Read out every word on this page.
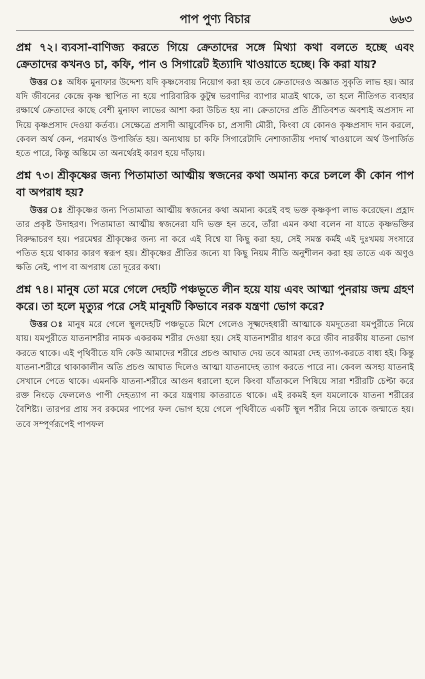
পাপ পুণ্য বিচার	৬৬৩

প্রশ্ন ৭২। ব্যবসা-বাণিজ্য করতে গিয়ে ক্রেতাদের সঙ্গে মিথ্যা কথা বলতে হচ্ছে এবং ক্রেতাদের কখনও চা, কফি, পান ও সিগারেট ইত্যাদি খাওয়াতে হচ্ছে। কি করা যায়?

উত্তর ঃ অধিক মুনাফার উদ্দেশ্য যদি কৃষ্ণসেবায় নিয়োগ করা হয় তবে ক্রেতাদেরও অজ্ঞাত সুকৃতি লাভ হয়। আর যদি জীবনের কেন্দ্রে কৃষ্ণ স্থাপিত না হয়ে পারিবারিক কুটুম্ব ভরণাদির ব্যাপার মাত্রই থাকে, তা হলে নীতিগত ব্যবহার রক্ষার্থে ক্রেতাদের কাছে বেশী মুনাফা লাভের আশা করা উচিত হয় না। ক্রেতাদের প্রতি প্রীতিবশত অবশ্যই অপ্রসাদ না দিয়ে কৃষ্ণপ্রসাদ দেওয়া কর্তব্য। সেক্ষেত্রে প্রসাদী আয়ুর্বেদিক চা, প্রসাদী মৌরী, কিংবা যে কোনও কৃষ্ণপ্রসাদ দান করলে, কেবল অর্থ কেন, পরমার্থও উপার্জিত হয়। অন্যথায় চা কফি সিগারেটাদি নেশাজাতীয় পদার্থ খাওয়ালে অর্থ উপার্জিত হতে পারে, কিন্তু অন্তিমে তা অনর্থেরই কারণ হয়ে দাঁড়ায়।

প্রশ্ন ৭৩। শ্রীকৃষ্ণের জন্য পিতামাতা আত্মীয় স্বজনের কথা অমান্য করে চললে কী কোন পাপ বা অপরাধ হয়?

উত্তর ঃ শ্রীকৃষ্ণের জন্য পিতামাতা আত্মীয় স্বজনের কথা অমান্য করেই বহু ভক্ত কৃষ্ণকৃপা লাভ করেছেন। প্রহ্লাদ তার প্রকৃষ্ট উদাহরণ। পিতামাতা আত্মীয় স্বজনেরা যদি ভক্ত হন তবে, তাঁরা এমন কথা বলেন না যাতে কৃষ্ণভক্তির বিরুদ্ধাচরণ হয়। পরমেশ্বর শ্রীকৃষ্ণের জন্য না করে এই বিশ্বে যা কিছু করা হয়, সেই সমস্ত কর্মই এই দুঃখময় সংসারে পতিত হয়ে থাকার কারণ স্বরূপ হয়। শ্রীকৃষ্ণের প্রীতির জন্যে যা কিছু নিয়ম নীতি অনুশীলন করা হয় তাতে এক অণুও ক্ষতি নেই, পাপ বা অপরাধ তো দূরের কথা।

প্রশ্ন ৭৪। মানুষ তো মরে গেলে দেহটি পঞ্চভূতে লীন হয়ে যায় এবং আত্মা পুনরায় জন্ম গ্রহণ করে। তা হলে মৃত্যুর পরে সেই মানুষটি কিভাবে নরক যন্ত্রণা ভোগ করে?

উত্তর ঃ মানুষ মরে গেলে স্থূলদেহটি পঞ্চভূতে মিশে গেলেও সূক্ষ্মদেহধারী আত্মাকে যমদূতেরা যমপুরীতে নিয়ে যায়। যমপুরীতে যাতনাশরীর নামক একরকম শরীর দেওয়া হয়। সেই যাতনাশরীর ধারণ করে জীব নারকীয় যাতনা ভোগ করতে থাকে। এই পৃথিবীতে যদি কেউ আমাদের শরীরে প্রচণ্ড আঘাত দেয় তবে আমরা দেহ ত্যাগ-করতে বাধ্য হই। কিন্তু যাতনা-শরীরে থাকাকালীন অতি প্রচণ্ড আঘাত দিলেও আত্মা যাতনাদেহ ত্যাগ করতে পারে না। কেবল অসহ্য যাতনাই সেখানে পেতে থাকে। এমনকি যাতনা-শরীরে আগুন ধরালো হলে কিংবা যাঁতাকলে পিষিয়ে সারা শরীরটি চেপ্টা করে রক্ত নিংড়ে ফেললেও পাপী দেহত্যাগ না করে যন্ত্রণায় কাতরাতে থাকে। এই রকমই হল যমলোকে যাতনা শরীরের বৈশিষ্ট্য। তারপর প্রায় সব রকমের পাপের ফল ভোগ হয়ে গেলে পৃথিবীতে একটি স্থূল শরীর নিয়ে তাকে জন্মাতে হয়। তবে সম্পূর্ণরূপেই পাপফল
